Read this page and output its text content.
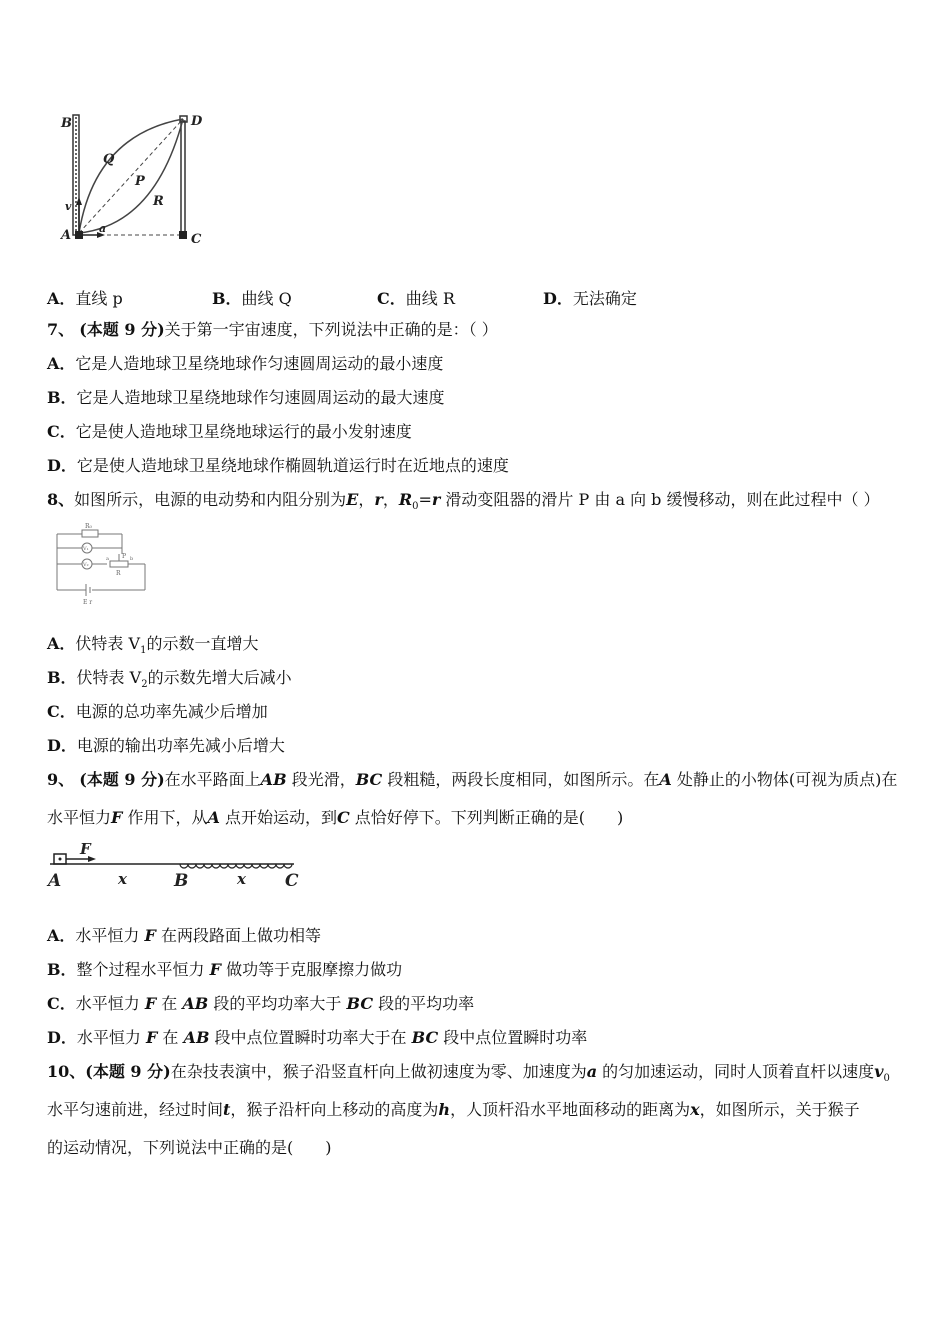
B	D
Q
P
R
v
A	a
C
A．直线 p	B．曲线 Q	C．曲线 R	D．无法确定
7、 (本题 9 分)关于第一宇宙速度，下列说法中正确的是：（ ）
A．它是人造地球卫星绕地球作匀速圆周运动的最小速度
B．它是人造地球卫星绕地球作匀速圆周运动的最大速度
C．它是使人造地球卫星绕地球运行的最小发射速度
D．它是使人造地球卫星绕地球作椭圆轨道运行时在近地点的速度
8、如图所示，电源的电动势和内阻分别为E，r，$R_0=r$ 滑动变阻器的滑片 P 由 a 向 b 缓慢移动，则在此过程中（ ）
R₀
V₁
V₂
P
a	b
R
E r
A．伏特表 $V_1$的示数一直增大
B．伏特表 $V_2$的示数先增大后减小
C．电源的总功率先减少后增加
D．电源的输出功率先减小后增大
9、 (本题 9 分)在水平路面上AB 段光滑，BC 段粗糙，两段长度相同，如图所示。在A 处静止的小物体(可视为质点)在
水平恒力F 作用下，从A 点开始运动，到C 点恰好停下。下列判断正确的是(　　)
F
A	x	B	x C
A．水平恒力 F 在两段路面上做功相等
B．整个过程水平恒力 F 做功等于克服摩擦力做功
C．水平恒力 F 在 AB 段的平均功率大于 BC 段的平均功率
D．水平恒力 F 在 AB 段中点位置瞬时功率大于在 BC 段中点位置瞬时功率
10、(本题 9 分)在杂技表演中，猴子沿竖直杆向上做初速度为零、加速度为a 的匀加速运动，同时人顶着直杆以速度$v_0$
水平匀速前进，经过时间t，猴子沿杆向上移动的高度为h，人顶杆沿水平地面移动的距离为x，如图所示，关于猴子
的运动情况，下列说法中正确的是(　　)
